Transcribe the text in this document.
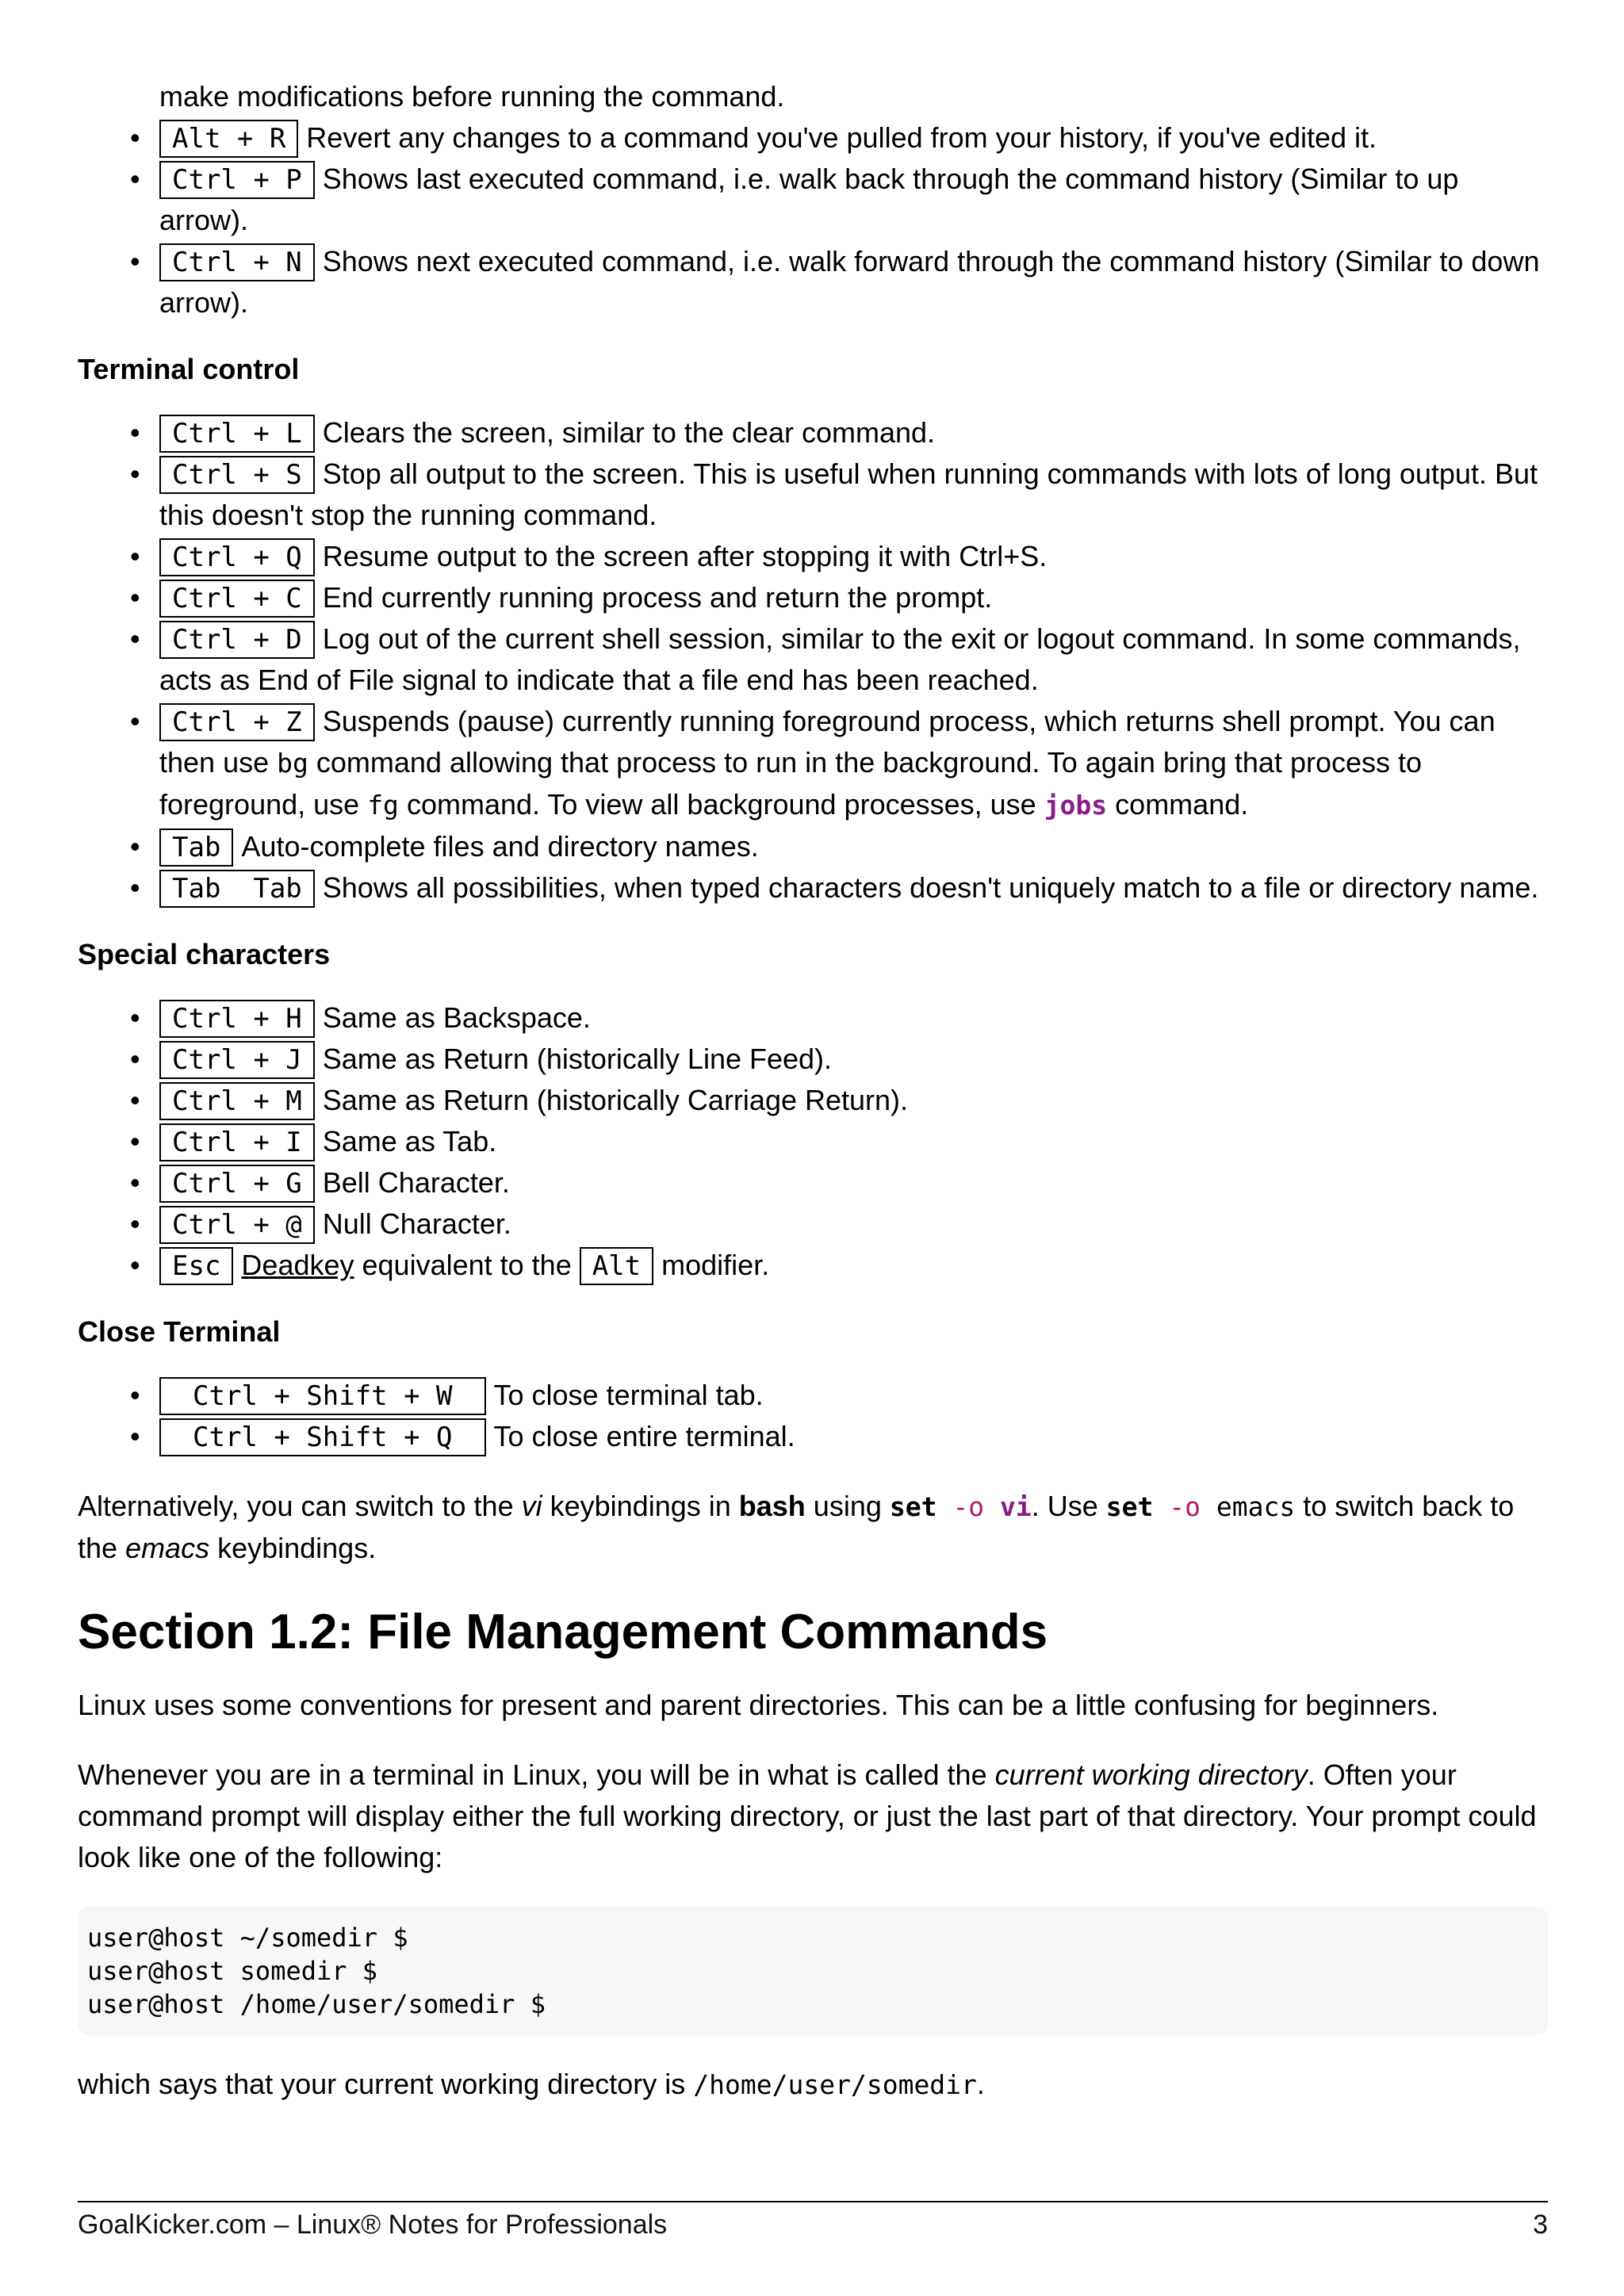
make modifications before running the command.

• Alt + R Revert any changes to a command you've pulled from your history, if you've edited it.
• Ctrl + P Shows last executed command, i.e. walk back through the command history (Similar to up arrow).
• Ctrl + N Shows next executed command, i.e. walk forward through the command history (Similar to down arrow).
Terminal control
• Ctrl + L Clears the screen, similar to the clear command.
• Ctrl + S Stop all output to the screen. This is useful when running commands with lots of long output. But this doesn't stop the running command.
• Ctrl + Q Resume output to the screen after stopping it with Ctrl+S.
• Ctrl + C End currently running process and return the prompt.
• Ctrl + D Log out of the current shell session, similar to the exit or logout command. In some commands, acts as End of File signal to indicate that a file end has been reached.
• Ctrl + Z Suspends (pause) currently running foreground process, which returns shell prompt. You can then use bg command allowing that process to run in the background. To again bring that process to foreground, use fg command. To view all background processes, use jobs command.
• Tab Auto-complete files and directory names.
• Tab  Tab Shows all possibilities, when typed characters doesn't uniquely match to a file or directory name.
Special characters
• Ctrl + H Same as Backspace.
• Ctrl + J Same as Return (historically Line Feed).
• Ctrl + M Same as Return (historically Carriage Return).
• Ctrl + I Same as Tab.
• Ctrl + G Bell Character.
• Ctrl + @ Null Character.
• Esc Deadkey equivalent to the Alt modifier.
Close Terminal
• Ctrl + Shift + W To close terminal tab.
• Ctrl + Shift + Q To close entire terminal.

Alternatively, you can switch to the vi keybindings in bash using set -o vi. Use set -o emacs to switch back to the emacs keybindings.

Section 1.2: File Management Commands

Linux uses some conventions for present and parent directories. This can be a little confusing for beginners.

Whenever you are in a terminal in Linux, you will be in what is called the current working directory. Often your command prompt will display either the full working directory, or just the last part of that directory. Your prompt could look like one of the following:

user@host ~/somedir $
user@host somedir $
user@host /home/user/somedir $

which says that your current working directory is /home/user/somedir.

GoalKicker.com – Linux® Notes for Professionals	3
